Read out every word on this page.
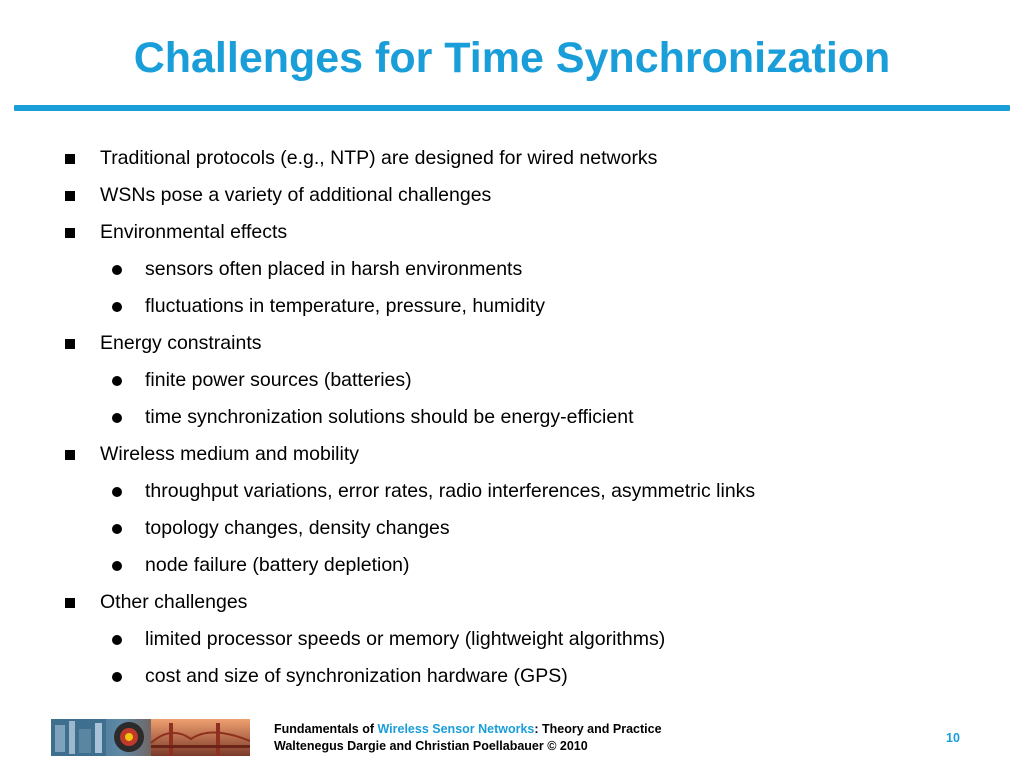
Challenges for Time Synchronization
Traditional protocols (e.g., NTP) are designed for wired networks
WSNs pose a variety of additional challenges
Environmental effects
sensors often placed in harsh environments
fluctuations in temperature, pressure, humidity
Energy constraints
finite power sources (batteries)
time synchronization solutions should be energy-efficient
Wireless medium and mobility
throughput variations, error rates, radio interferences, asymmetric links
topology changes, density changes
node failure (battery depletion)
Other challenges
limited processor speeds or memory (lightweight algorithms)
cost and size of synchronization hardware (GPS)
Fundamentals of Wireless Sensor Networks: Theory and Practice
Waltenegus Dargie and Christian Poellabauer © 2010
10
